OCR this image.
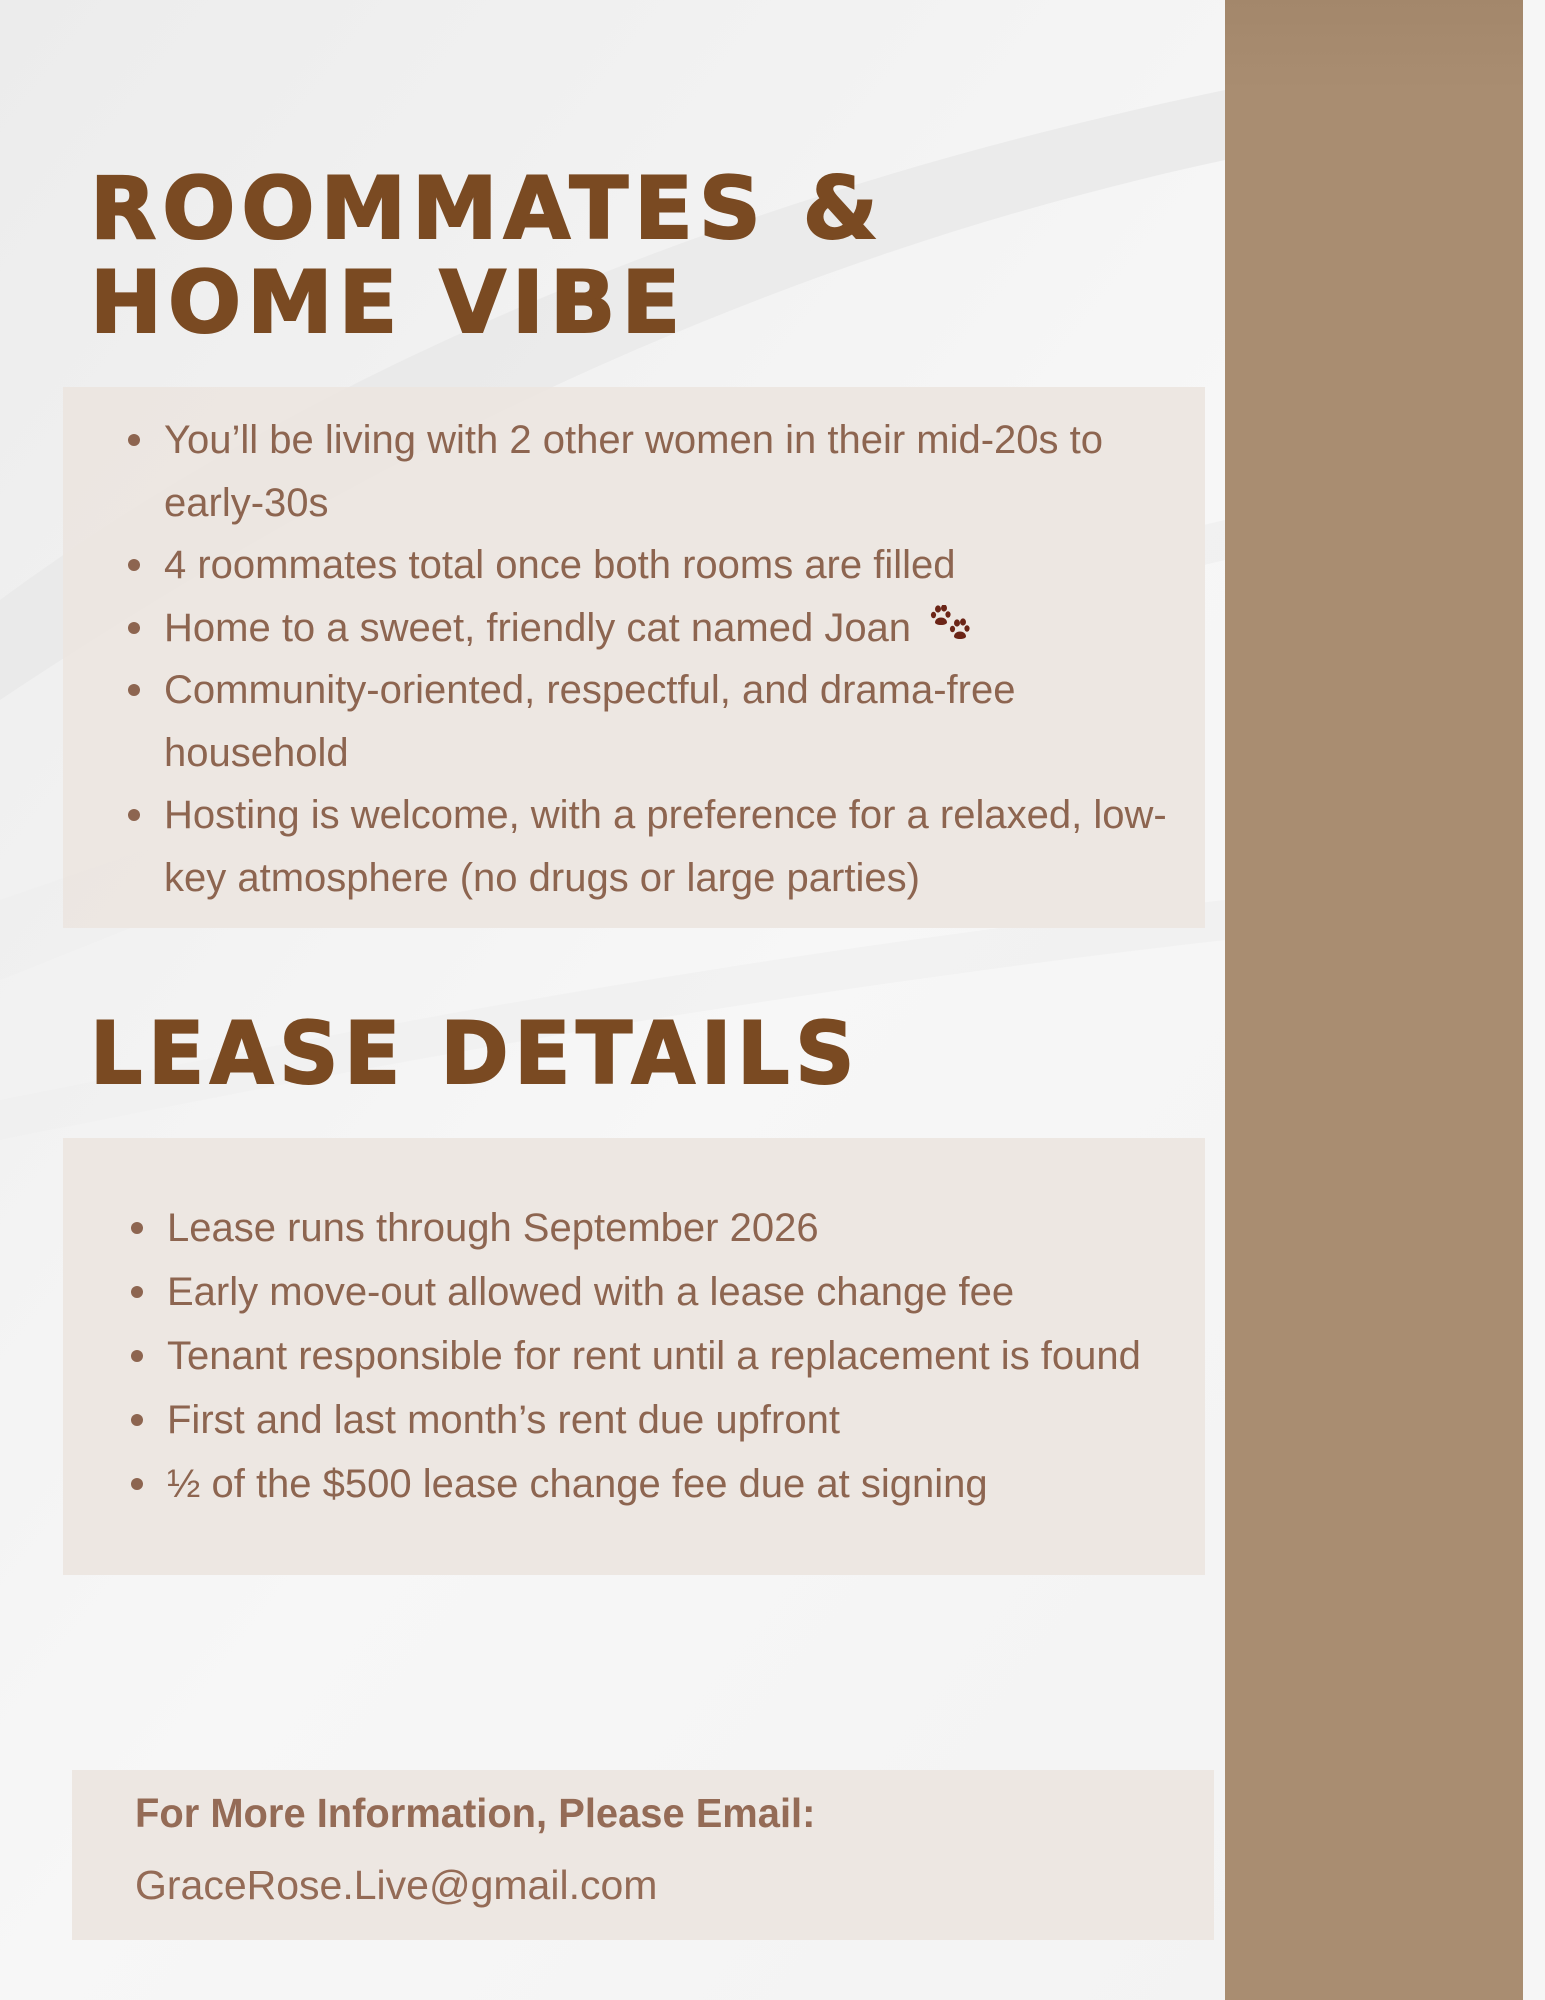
ROOMMATES &
HOME VIBE
You’ll be living with 2 other women in their mid-20s to early-30s
4 roommates total once both rooms are filled
Home to a sweet, friendly cat named Joan
Community-oriented, respectful, and drama-free household
Hosting is welcome, with a preference for a relaxed, low-key atmosphere (no drugs or large parties)
LEASE DETAILS
Lease runs through September 2026
Early move-out allowed with a lease change fee
Tenant responsible for rent until a replacement is found
First and last month’s rent due upfront
½ of the $500 lease change fee due at signing
For More Information, Please Email:
GraceRose.Live@gmail.com
